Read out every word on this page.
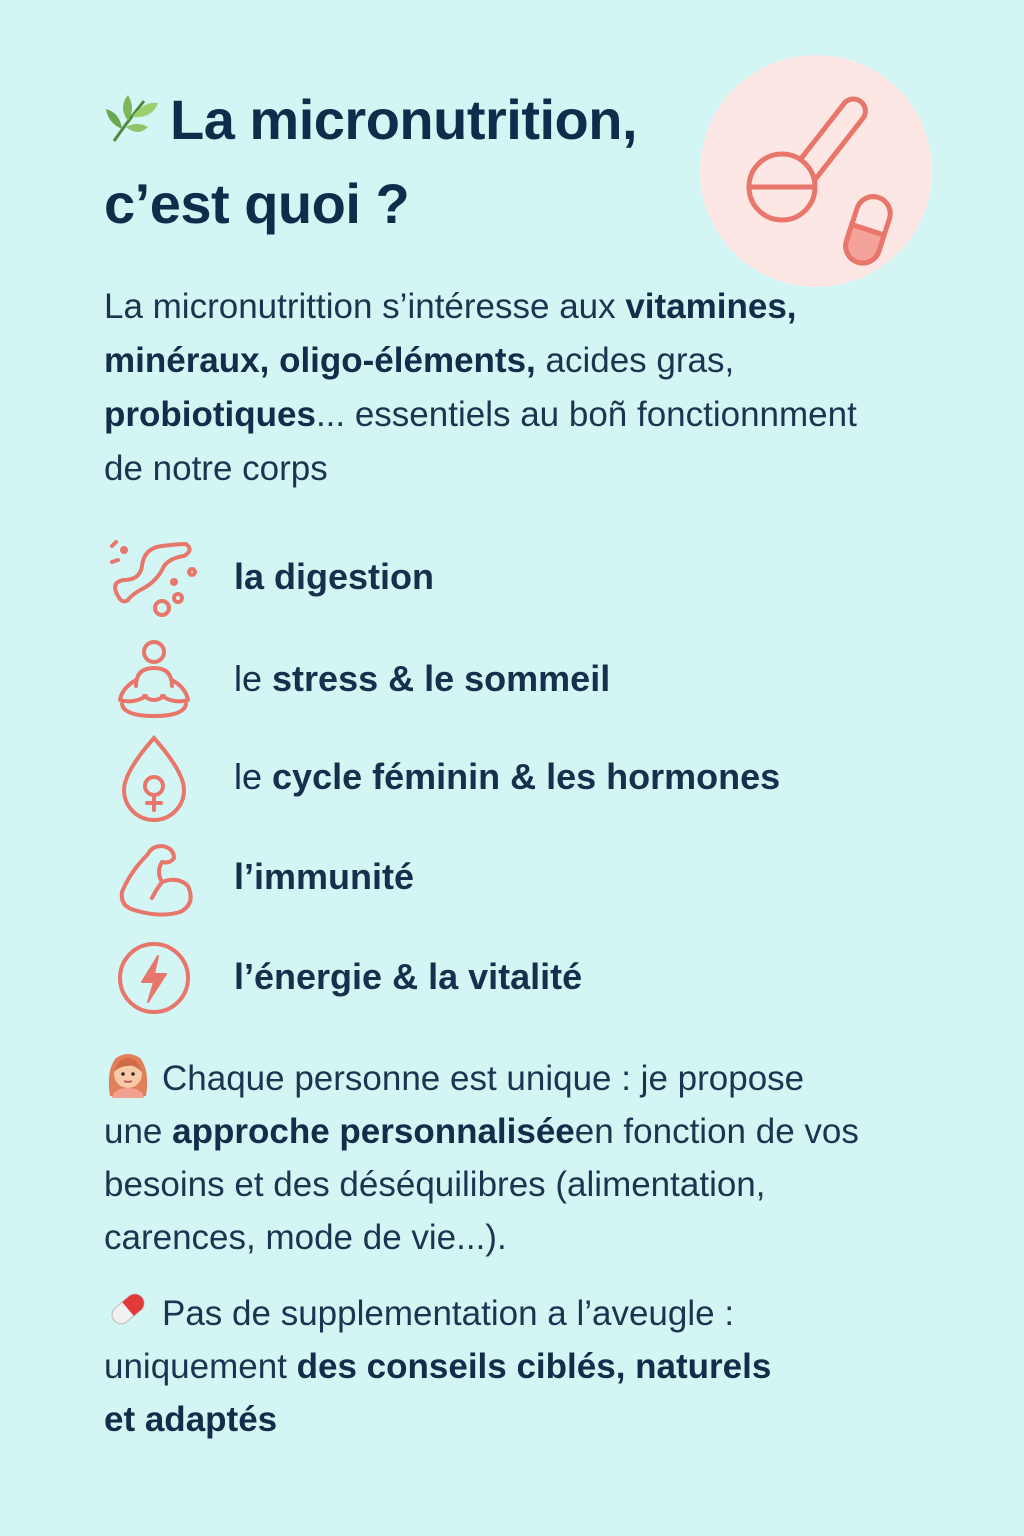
La micronutrition,
c’est quoi ?
La micronutrittion s’intéresse aux vitamines,
minéraux, oligo-éléments, acides gras,
probiotiques... essentiels au boñ fonctionnment
de notre corps
la digestion
le stress & le sommeil
le cycle féminin & les hormones
l’immunité
l’énergie & la vitalité
Chaque personne est unique : je propose
une approche personnaliséeen fonction de vos
besoins et des déséquilibres (alimentation,
carences, mode de vie...).
Pas de supplementation a l’aveugle :
uniquement des conseils ciblés, naturels
et adaptés
